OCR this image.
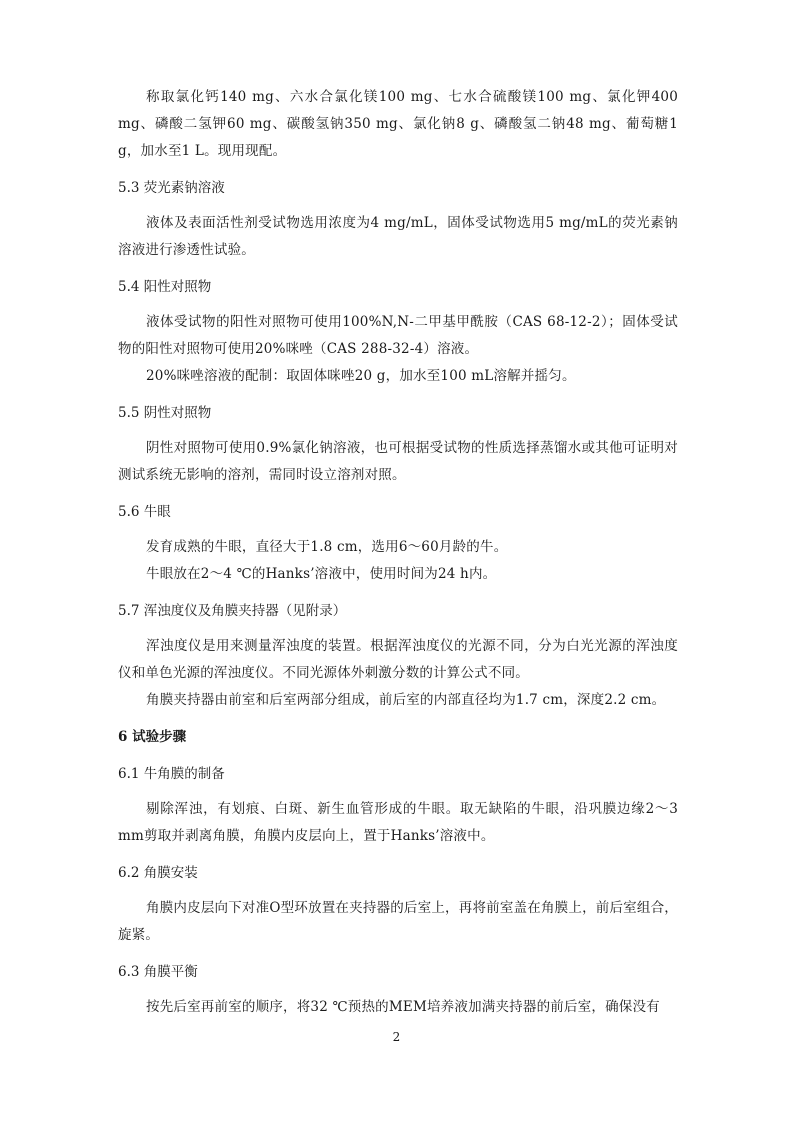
称取氯化钙140 mg、六水合氯化镁100 mg、七水合硫酸镁100 mg、氯化钾400 mg、磷酸二氢钾60 mg、碳酸氢钠350 mg、氯化钠8 g、磷酸氢二钠48 mg、葡萄糖1 g，加水至1 L。现用现配。

5.3 荧光素钠溶液

液体及表面活性剂受试物选用浓度为4 mg/mL，固体受试物选用5 mg/mL的荧光素钠溶液进行渗透性试验。

5.4 阳性对照物

液体受试物的阳性对照物可使用100%N,N-二甲基甲酰胺（CAS 68-12-2）；固体受试物的阳性对照物可使用20%咪唑（CAS 288-32-4）溶液。

20%咪唑溶液的配制：取固体咪唑20 g，加水至100 mL溶解并摇匀。

5.5 阴性对照物

阴性对照物可使用0.9%氯化钠溶液，也可根据受试物的性质选择蒸馏水或其他可证明对测试系统无影响的溶剂，需同时设立溶剂对照。

5.6 牛眼

发育成熟的牛眼，直径大于1.8 cm，选用6～60月龄的牛。

牛眼放在2～4 ℃的Hanks’溶液中，使用时间为24 h内。

5.7 浑浊度仪及角膜夹持器（见附录）

浑浊度仪是用来测量浑浊度的装置。根据浑浊度仪的光源不同，分为白光光源的浑浊度仪和单色光源的浑浊度仪。不同光源体外刺激分数的计算公式不同。

角膜夹持器由前室和后室两部分组成，前后室的内部直径均为1.7 cm，深度2.2 cm。

6 试验步骤
6.1 牛角膜的制备

剔除浑浊，有划痕、白斑、新生血管形成的牛眼。取无缺陷的牛眼，沿巩膜边缘2～3 mm剪取并剥离角膜，角膜内皮层向上，置于Hanks’溶液中。

6.2 角膜安装

角膜内皮层向下对准O型环放置在夹持器的后室上，再将前室盖在角膜上，前后室组合，旋紧。

6.3 角膜平衡

按先后室再前室的顺序，将32 ℃预热的MEM培养液加满夹持器的前后室，确保没有

2
